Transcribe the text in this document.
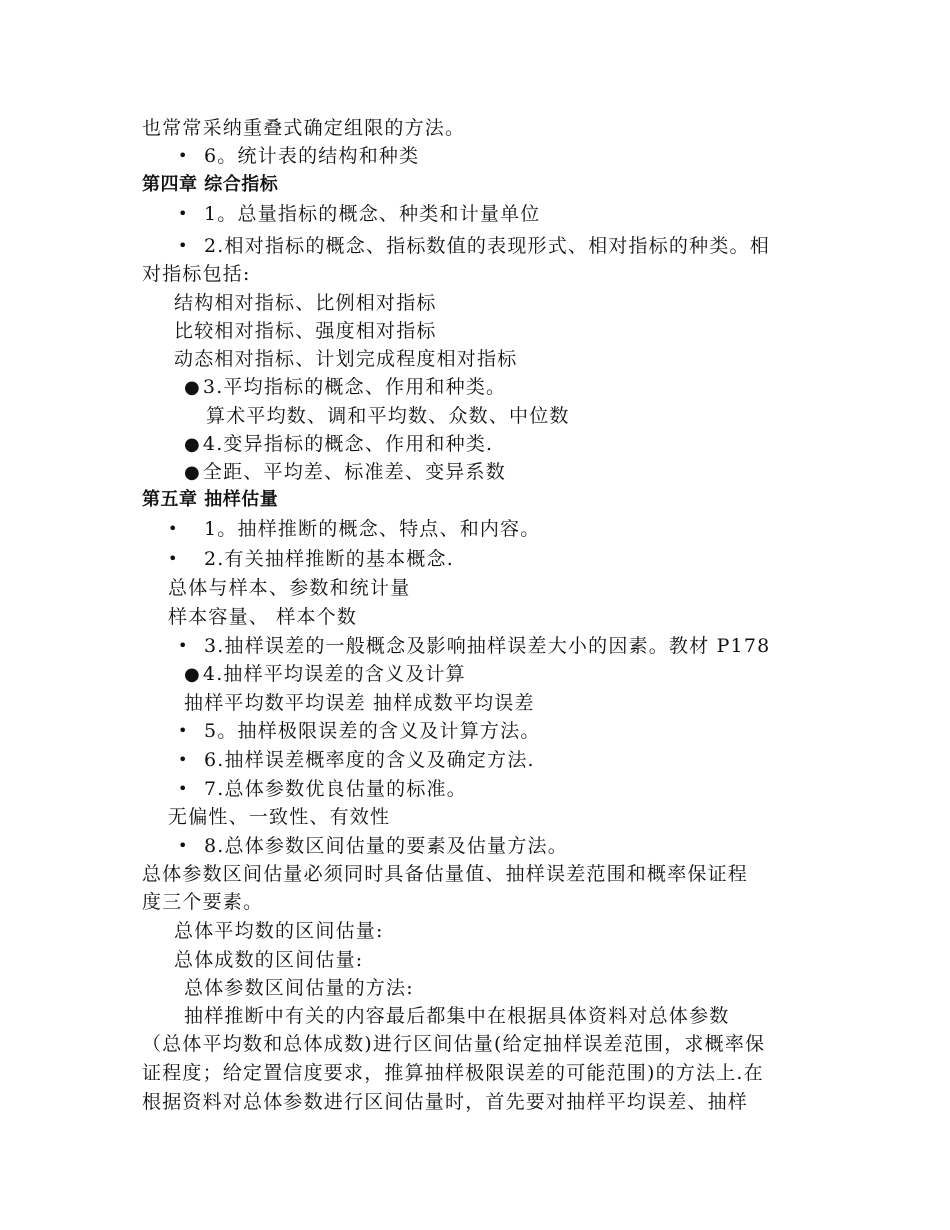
也常常采纳重叠式确定组限的方法。
• 6。统计表的结构和种类
第四章 综合指标
• 1。总量指标的概念、种类和计量单位
• 2.相对指标的概念、指标数值的表现形式、相对指标的种类。相
对指标包括:
结构相对指标、比例相对指标
比较相对指标、强度相对指标
动态相对指标、计划完成程度相对指标
● 3.平均指标的概念、作用和种类。
算术平均数、调和平均数、众数、中位数
● 4.变异指标的概念、作用和种类.
● 全距、平均差、标准差、变异系数
第五章 抽样估量
• 1。抽样推断的概念、特点、和内容。
• 2.有关抽样推断的基本概念.
总体与样本、参数和统计量
样本容量、 样本个数
• 3.抽样误差的一般概念及影响抽样误差大小的因素。教材 P178
● 4.抽样平均误差的含义及计算
抽样平均数平均误差 抽样成数平均误差
• 5。抽样极限误差的含义及计算方法。
• 6.抽样误差概率度的含义及确定方法.
• 7.总体参数优良估量的标准。
无偏性、一致性、有效性
• 8.总体参数区间估量的要素及估量方法。
总体参数区间估量必须同时具备估量值、抽样误差范围和概率保证程
度三个要素。
总体平均数的区间估量:
总体成数的区间估量:
总体参数区间估量的方法:
抽样推断中有关的内容最后都集中在根据具体资料对总体参数
（总体平均数和总体成数)进行区间估量(给定抽样误差范围，求概率保
证程度；给定置信度要求，推算抽样极限误差的可能范围)的方法上.在
根据资料对总体参数进行区间估量时，首先要对抽样平均误差、抽样
